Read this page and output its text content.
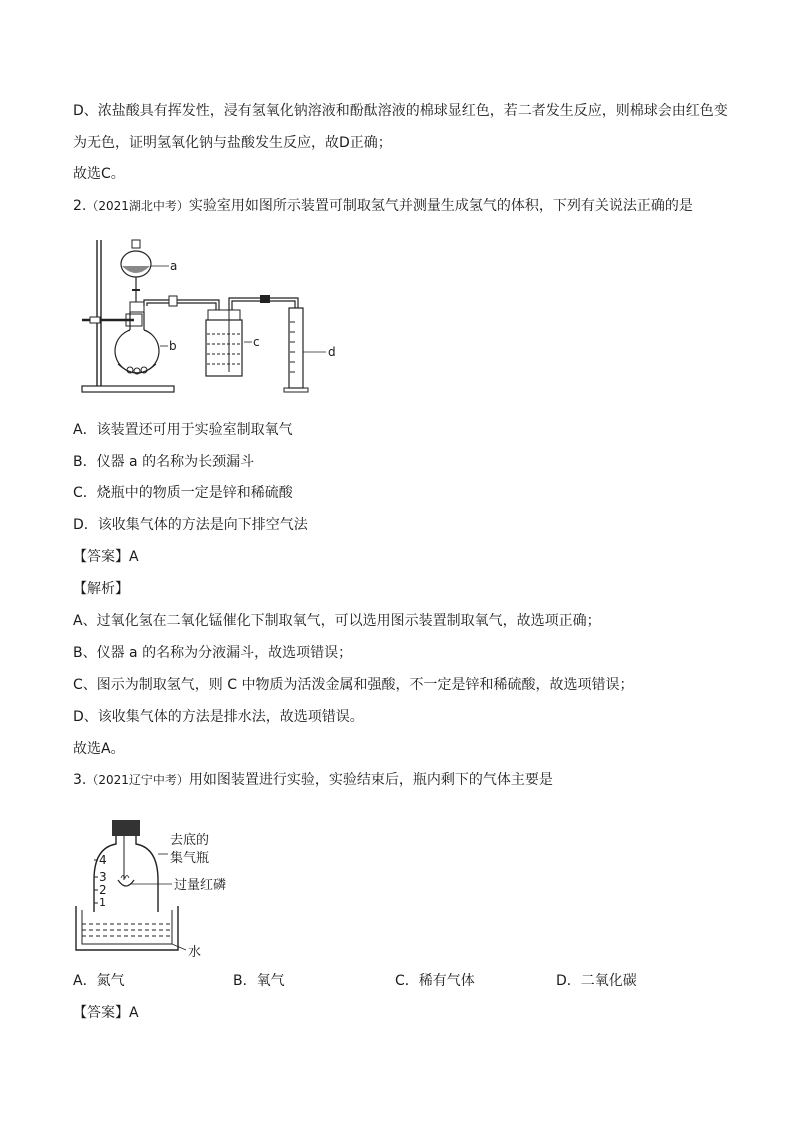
D、浓盐酸具有挥发性，浸有氢氧化钠溶液和酚酞溶液的棉球显红色，若二者发生反应，则棉球会由红色变
为无色，证明氢氧化钠与盐酸发生反应，故D正确；
故选C。
2.（2021湖北中考）实验室用如图所示装置可制取氢气并测量生成氢气的体积，下列有关说法正确的是
a
b	c
d
A．该装置还可用于实验室制取氧气
B．仪器 a 的名称为长颈漏斗
C．烧瓶中的物质一定是锌和稀硫酸
D．该收集气体的方法是向下排空气法
【答案】A
【解析】
A、过氧化氢在二氧化锰催化下制取氧气，可以选用图示装置制取氧气，故选项正确；
B、仪器 a 的名称为分液漏斗，故选项错误；
C、图示为制取氢气，则 C 中物质为活泼金属和强酸，不一定是锌和稀硫酸，故选项错误；
D、该收集气体的方法是排水法，故选项错误。
故选A。
3.（2021辽宁中考）用如图装置进行实验，实验结束后，瓶内剩下的气体主要是
4
3
2
1
去底的
集气瓶
过量红磷
水
A．氮气	B．氧气	C．稀有气体	D．二氧化碳
【答案】A
